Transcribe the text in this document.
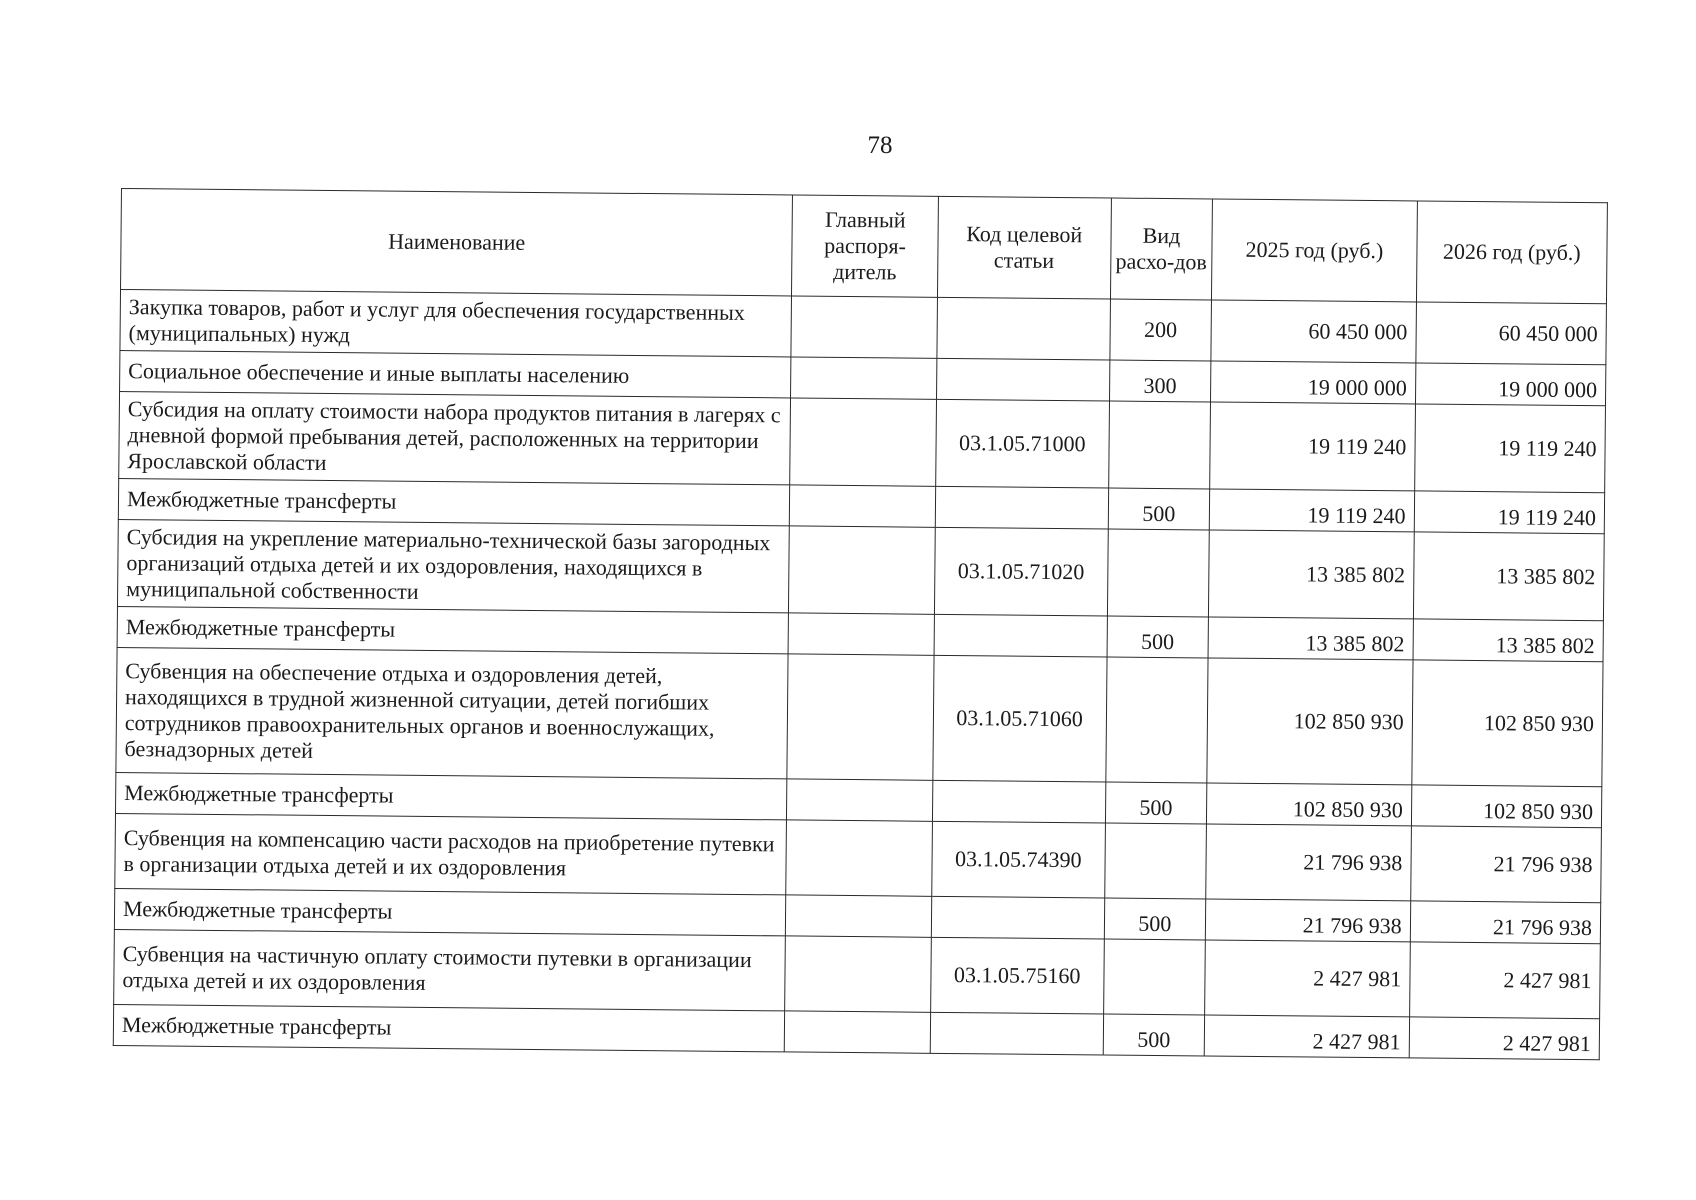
78
Наименование	Главный распоря-дитель	Код целевой статьи	Вид расхо-дов	2025 год (руб.)	2026 год (руб.)
Закупка товаров, работ и услуг для обеспечения государственных (муниципальных) нужд			200	60 450 000	60 450 000
Социальное обеспечение и иные выплаты населению			300	19 000 000	19 000 000
Субсидия на оплату стоимости набора продуктов питания в лагерях с дневной формой пребывания детей, расположенных на территории Ярославской области		03.1.05.71000		19 119 240	19 119 240
Межбюджетные трансферты			500	19 119 240	19 119 240
Субсидия на укрепление материально-технической базы загородных организаций отдыха детей и их оздоровления, находящихся в муниципальной собственности		03.1.05.71020		13 385 802	13 385 802
Межбюджетные трансферты			500	13 385 802	13 385 802
Субвенция на обеспечение отдыха и оздоровления детей, находящихся в трудной жизненной ситуации, детей погибших сотрудников правоохранительных органов и военнослужащих, безнадзорных детей		03.1.05.71060		102 850 930	102 850 930
Межбюджетные трансферты			500	102 850 930	102 850 930
Субвенция на компенсацию части расходов на приобретение путевки в организации отдыха детей и их оздоровления		03.1.05.74390		21 796 938	21 796 938
Межбюджетные трансферты			500	21 796 938	21 796 938
Субвенция на частичную оплату стоимости путевки в организации отдыха детей и их оздоровления		03.1.05.75160		2 427 981	2 427 981
Межбюджетные трансферты			500	2 427 981	2 427 981
